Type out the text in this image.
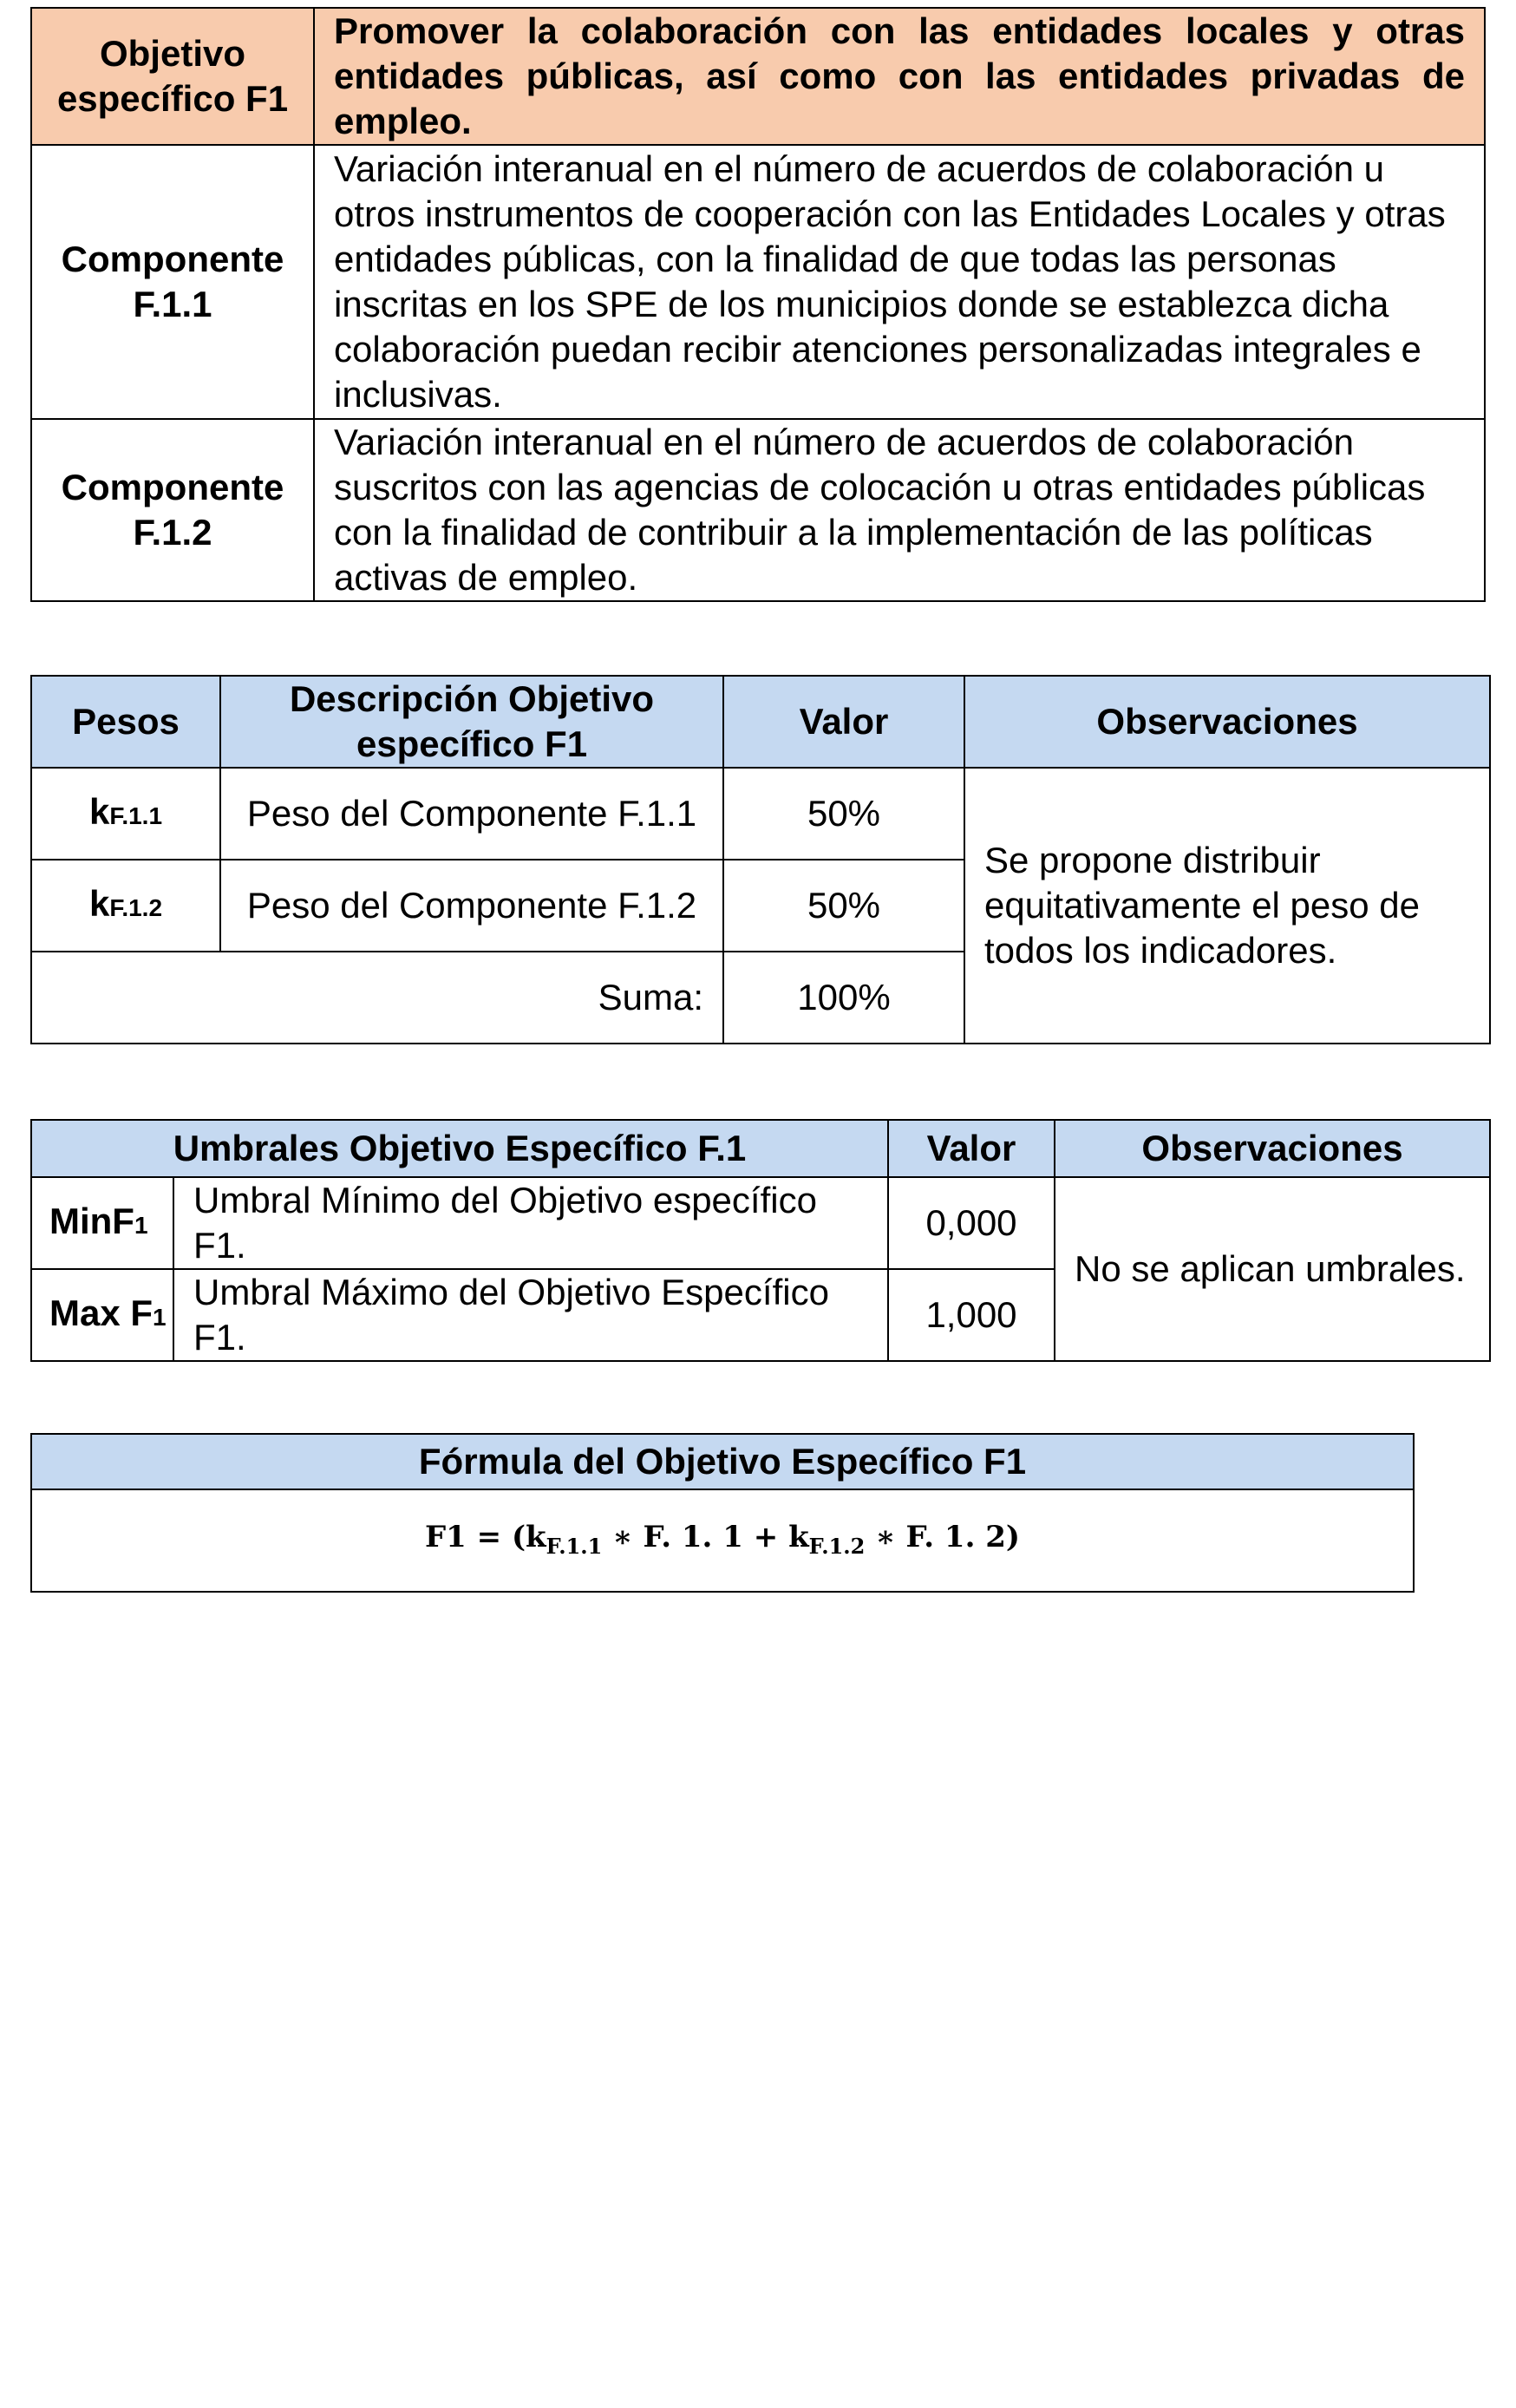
Objetivo específico F1	Promover la colaboración con las entidades locales y otras entidades públicas, así como con las entidades privadas de empleo.
Componente F.1.1	Variación interanual en el número de acuerdos de colaboración u otros instrumentos de cooperación con las Entidades Locales y otras entidades públicas, con la finalidad de que todas las personas inscritas en los SPE de los municipios donde se establezca dicha colaboración puedan recibir atenciones personalizadas integrales e inclusivas.
Componente F.1.2	Variación interanual en el número de acuerdos de colaboración suscritos con las agencias de colocación u otras entidades públicas con la finalidad de contribuir a la implementación de las políticas activas de empleo.
Pesos	Descripción Objetivo específico F1	Valor	Observaciones
kF.1.1	Peso del Componente F.1.1	50%	Se propone distribuir equitativamente el peso de todos los indicadores.
kF.1.2	Peso del Componente F.1.2	50%	
Suma:		100%	
Umbrales Objetivo Específico F.1		Valor	Observaciones
MinF1	Umbral Mínimo del Objetivo específico F1.	0,000	No se aplican umbrales.
Max F1	Umbral Máximo del Objetivo Específico F1.	1,000	
Fórmula del Objetivo Específico F1
$F1 = (k_{F.1.1}$ ∗ F. 1. $1 + k_{F.1.2}$ ∗ F. 1. 2)
